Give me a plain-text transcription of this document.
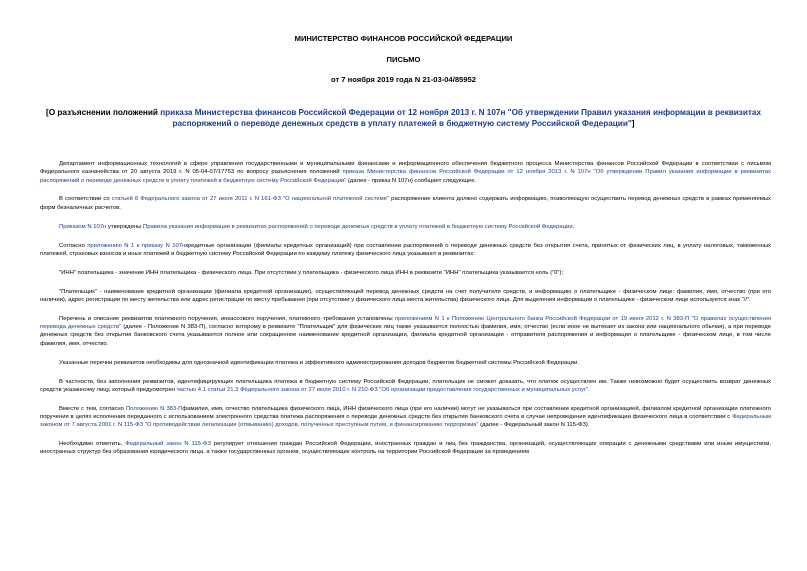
МИНИСТЕРСТВО ФИНАНСОВ РОССИЙСКОЙ ФЕДЕРАЦИИ
ПИСЬМО
от 7 ноября 2019 года N 21-03-04/85952
[О разъяснении положений приказа Министерства финансов Российской Федерации от 12 ноября 2013 г. N 107н "Об утверждении Правил указания информации в реквизитах распоряжений о переводе денежных средств в уплату платежей в бюджетную систему Российской Федерации"]

Департамент информационных технологий в сфере управления государственными и муниципальными финансами и информационного обеспечения бюджетного процесса Министерства финансов Российской Федерации в соответствии с письмом Федерального казначейства от 20 августа 2019 г. N 05-04-07/17753 по вопросу разъяснения положений приказа Министерства финансов Российской Федерации от 12 ноября 2013 г. N 107н "Об утверждении Правил указания информации в реквизитах распоряжений о переводе денежных средств в уплату платежей в бюджетную систему Российской Федерации" (далее - приказ N 107н) сообщает следующее.

В соответствии со статьей 8 Федерального закона от 27 июня 2011 г. N 161-ФЗ "О национальной платежной системе" распоряжение клиента должно содержать информацию, позволяющую осуществить перевод денежных средств в рамках применяемых форм безналичных расчетов.

Приказом N 107н утверждены Правила указания информации в реквизитах распоряжений о переводе денежных средств в уплату платежей в бюджетную систему Российской Федерации.

Согласно приложению N 1 к приказу N 107нкредитные организации (филиалы кредитных организаций) при составлении распоряжений о переводе денежных средств без открытия счета, принятых от физических лиц, в уплату налоговых, таможенных платежей, страховых взносов и иных платежей в бюджетную систему Российской Федерации по каждому платежу физического лица указывают в реквизитах:

"ИНН" плательщика - значение ИНН плательщика - физического лица. При отсутствии у плательщика - физического лица ИНН в реквизите "ИНН" плательщика указывается ноль ("0");

"Плательщик" - наименование кредитной организации (филиала кредитной организации), осуществляющей перевод денежных средств на счет получателя средств, и информацию о плательщике - физическом лице: фамилия, имя, отчество (при его наличии), адрес регистрации по месту жительства или адрес регистрации по месту пребывания (при отсутствии у физического лица места жительства) физического лица. Для выделения информации о плательщике - физическом лице используется знак "//".

Перечень и описание реквизитов платежного поручения, инкассового поручения, платежного требования установлены приложением N 1 к Положению Центрального банка Российской Федерации от 19 июня 2012 г. N 383-П "О правилах осуществления перевода денежных средств" (далее - Положение N 383-П), согласно которому в реквизите "Плательщик" для физических лиц также указывается полностью фамилия, имя, отчество (если иное не вытекает из закона или национального обычая), а при переводе денежных средств без открытия банковского счета указываются полное или сокращенное наименование кредитной организации, филиала кредитной организации - отправителя распоряжения и информация о плательщике - физическом лице, в том числе фамилия, имя, отчество.

Указанные перечни реквизитов необходимы для однозначной идентификации платежа и эффективного администрирования доходов бюджетов бюджетной системы Российской Федерации.

В частности, без заполнения реквизитов, идентифицирующих плательщика платежа в бюджетную систему Российской Федерации, плательщик не сможет доказать, что платеж осуществлен им. Также невозможно будет осуществить возврат денежных средств указанному лицу, который предусмотрен частью 4.1 статьи 21.3 Федерального закона от 27 июля 2010 г. N 210-ФЗ "Об организации предоставления государственных и муниципальных услуг".

Вместе с тем, согласно Положению N 383-Пфамилия, имя, отчество плательщика физического лица, ИНН физического лица (при его наличии) могут не указываться при составлении кредитной организацией, филиалом кредитной организации платежного поручения в целях исполнения переданного с использованием электронного средства платежа распоряжения о переводе денежных средств без открытия банковского счета в случае непроведения идентификации физического лица в соответствии с Федеральным законом от 7 августа 2001 г. N 115-ФЗ "О противодействии легализации (отмыванию) доходов, полученных преступным путем, и финансированию терроризма" (далее - Федеральный закон N 115-ФЗ).

Необходимо отметить, Федеральный закон N 115-ФЗ регулирует отношения граждан Российской Федерации, иностранных граждан и лиц без гражданства, организаций, осуществляющих операции с денежными средствами или иным имуществом, иностранных структур без образования юридического лица, а также государственных органов, осуществляющих контроль на территории Российской Федерации за проведением
